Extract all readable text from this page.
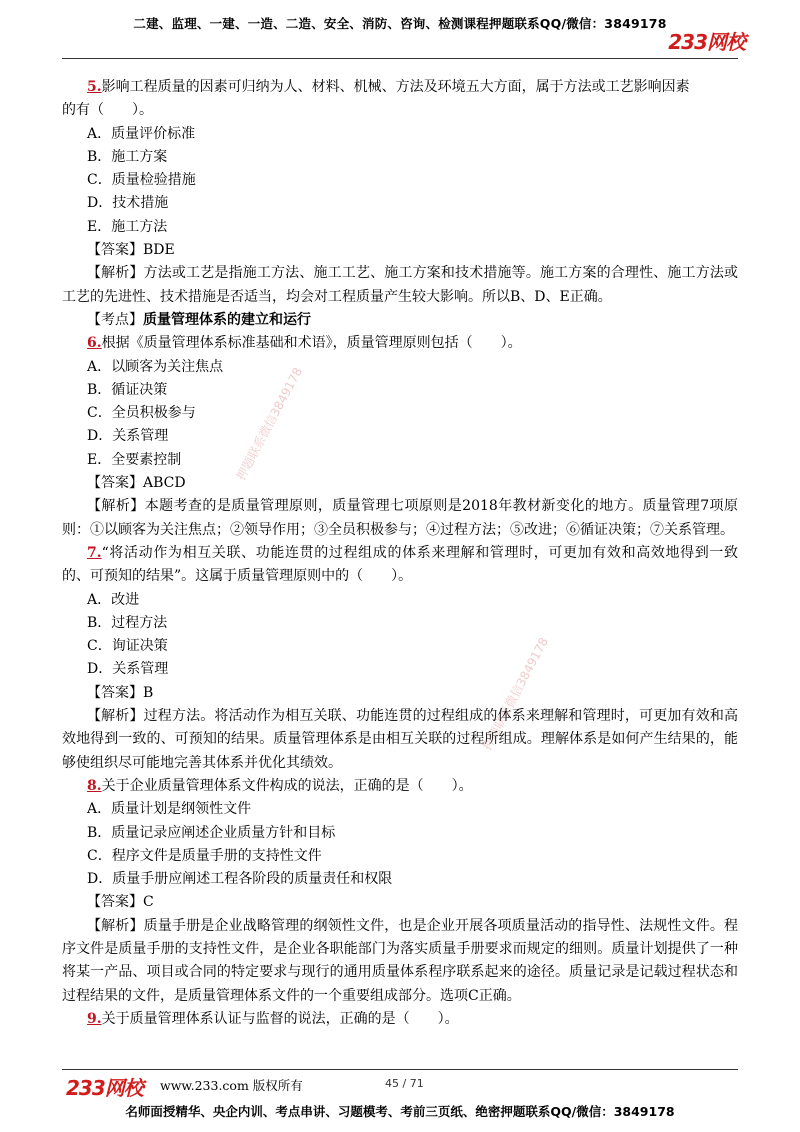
二建、监理、一建、一造、二造、安全、消防、咨询、检测课程押题联系QQ/微信：3849178
233网校
押题联系微信3849178
押题联系微信3849178
5.影响工程质量的因素可归纳为人、材料、机械、方法及环境五大方面，属于方法或工艺影响因素
的有（　　）。
A．质量评价标准
B．施工方案
C．质量检验措施
D．技术措施
E．施工方法
【答案】BDE
【解析】方法或工艺是指施工方法、施工工艺、施工方案和技术措施等。施工方案的合理性、施工方法或工艺的先进性、技术措施是否适当，均会对工程质量产生较大影响。所以B、D、E正确。
【考点】质量管理体系的建立和运行
6.根据《质量管理体系标准基础和术语》，质量管理原则包括（　　）。
A．以顾客为关注焦点
B．循证决策
C．全员积极参与
D．关系管理
E．全要素控制
【答案】ABCD
【解析】本题考查的是质量管理原则，质量管理七项原则是2018年教材新变化的地方。质量管理7项原则：①以顾客为关注焦点；②领导作用；③全员积极参与；④过程方法；⑤改进；⑥循证决策；⑦关系管理。
7.“将活动作为相互关联、功能连贯的过程组成的体系来理解和管理时，可更加有效和高效地得到一致的、可预知的结果”。这属于质量管理原则中的（　　）。
A．改进
B．过程方法
C．询证决策
D．关系管理
【答案】B
【解析】过程方法。将活动作为相互关联、功能连贯的过程组成的体系来理解和管理时，可更加有效和高效地得到一致的、可预知的结果。质量管理体系是由相互关联的过程所组成。理解体系是如何产生结果的，能够使组织尽可能地完善其体系并优化其绩效。
8.关于企业质量管理体系文件构成的说法，正确的是（　　）。
A．质量计划是纲领性文件
B．质量记录应阐述企业质量方针和目标
C．程序文件是质量手册的支持性文件
D．质量手册应阐述工程各阶段的质量责任和权限
【答案】C
【解析】质量手册是企业战略管理的纲领性文件，也是企业开展各项质量活动的指导性、法规性文件。程序文件是质量手册的支持性文件，是企业各职能部门为落实质量手册要求而规定的细则。质量计划提供了一种将某一产品、项目或合同的特定要求与现行的通用质量体系程序联系起来的途径。质量记录是记载过程状态和过程结果的文件，是质量管理体系文件的一个重要组成部分。选项C正确。
9.关于质量管理体系认证与监督的说法，正确的是（　　）。
233网校 www.233.com 版权所有	45 / 71
名师面授精华、央企内训、考点串讲、习题模考、考前三页纸、绝密押题联系QQ/微信：3849178
